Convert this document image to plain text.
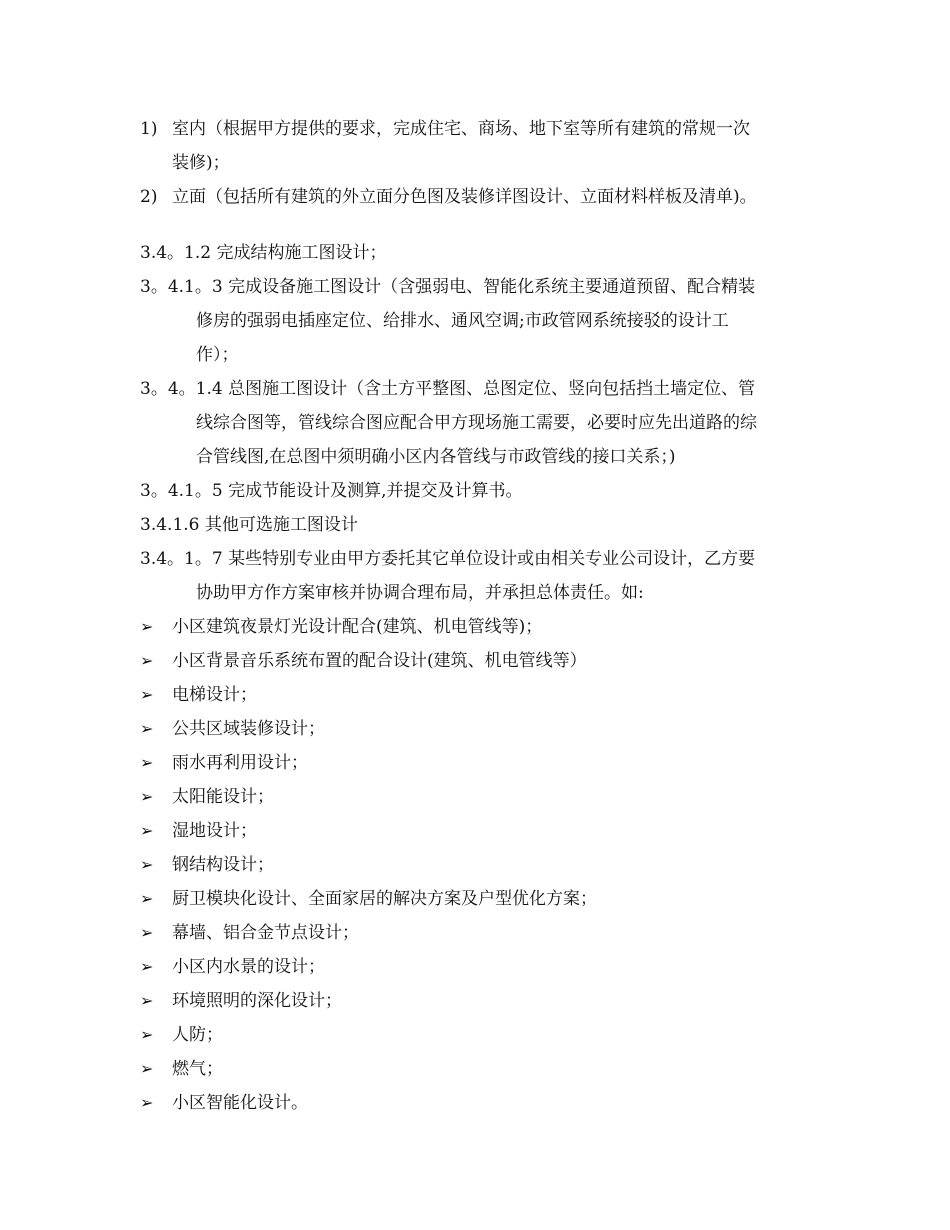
1) 室内（根据甲方提供的要求，完成住宅、商场、地下室等所有建筑的常规一次
装修)；
2) 立面（包括所有建筑的外立面分色图及装修详图设计、立面材料样板及清单)。
3.4。1.2 完成结构施工图设计；
3。4.1。3 完成设备施工图设计（含强弱电、智能化系统主要通道预留、配合精装
修房的强弱电插座定位、给排水、通风空调;市政管网系统接驳的设计工
作）；
3。4。1.4 总图施工图设计（含土方平整图、总图定位、竖向包括挡土墙定位、管
线综合图等，管线综合图应配合甲方现场施工需要，必要时应先出道路的综
合管线图,在总图中须明确小区内各管线与市政管线的接口关系；)
3。4.1。5 完成节能设计及测算,并提交及计算书。
3.4.1.6 其他可选施工图设计
3.4。1。7 某些特别专业由甲方委托其它单位设计或由相关专业公司设计，乙方要
协助甲方作方案审核并协调合理布局，并承担总体责任。如:
➢ 小区建筑夜景灯光设计配合(建筑、机电管线等)；
➢ 小区背景音乐系统布置的配合设计(建筑、机电管线等）
➢ 电梯设计；
➢ 公共区域装修设计；
➢ 雨水再利用设计；
➢ 太阳能设计；
➢ 湿地设计；
➢ 钢结构设计；
➢ 厨卫模块化设计、全面家居的解决方案及户型优化方案；
➢ 幕墙、铝合金节点设计；
➢ 小区内水景的设计；
➢ 环境照明的深化设计；
➢ 人防；
➢ 燃气；
➢ 小区智能化设计。
